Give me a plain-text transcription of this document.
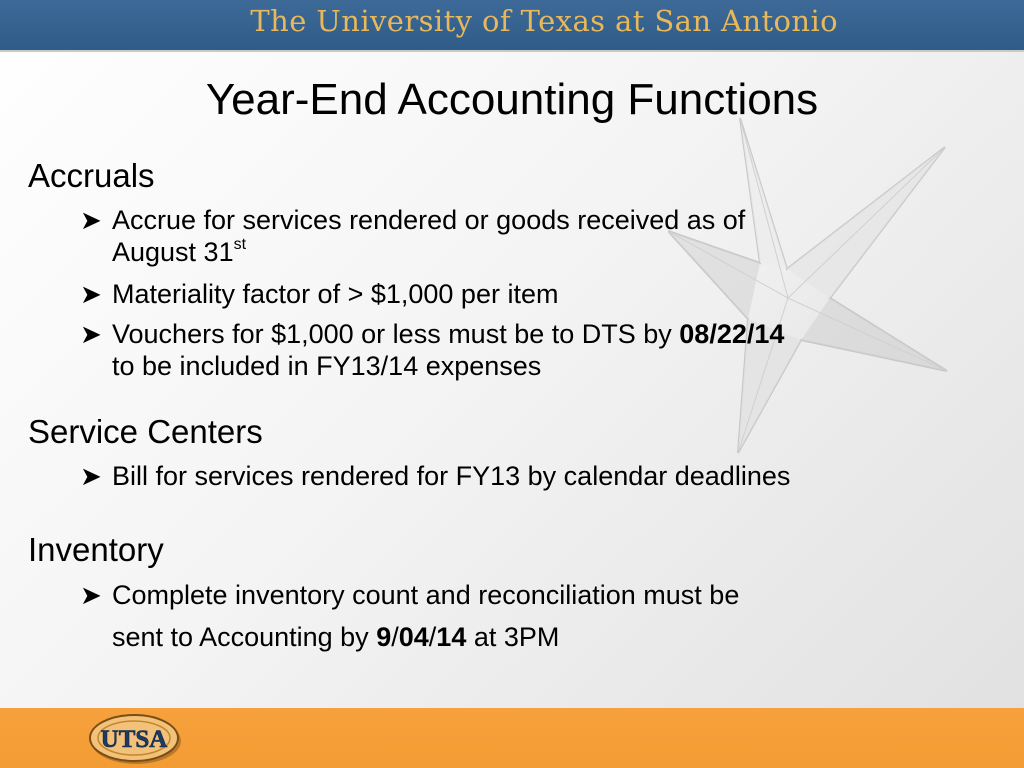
The University of Texas at San Antonio
Year-End Accounting Functions
Accruals
➤ Accrue for services rendered or goods received as of
August 31st
➤ Materiality factor of > $1,000 per item
➤ Vouchers for $1,000 or less must be to DTS by 08/22/14
to be included in FY13/14 expenses
Service Centers
➤ Bill for services rendered for FY13 by calendar deadlines
Inventory
➤ Complete inventory count and reconciliation must be
sent to Accounting by 9/04/14 at 3PM
UTSA
